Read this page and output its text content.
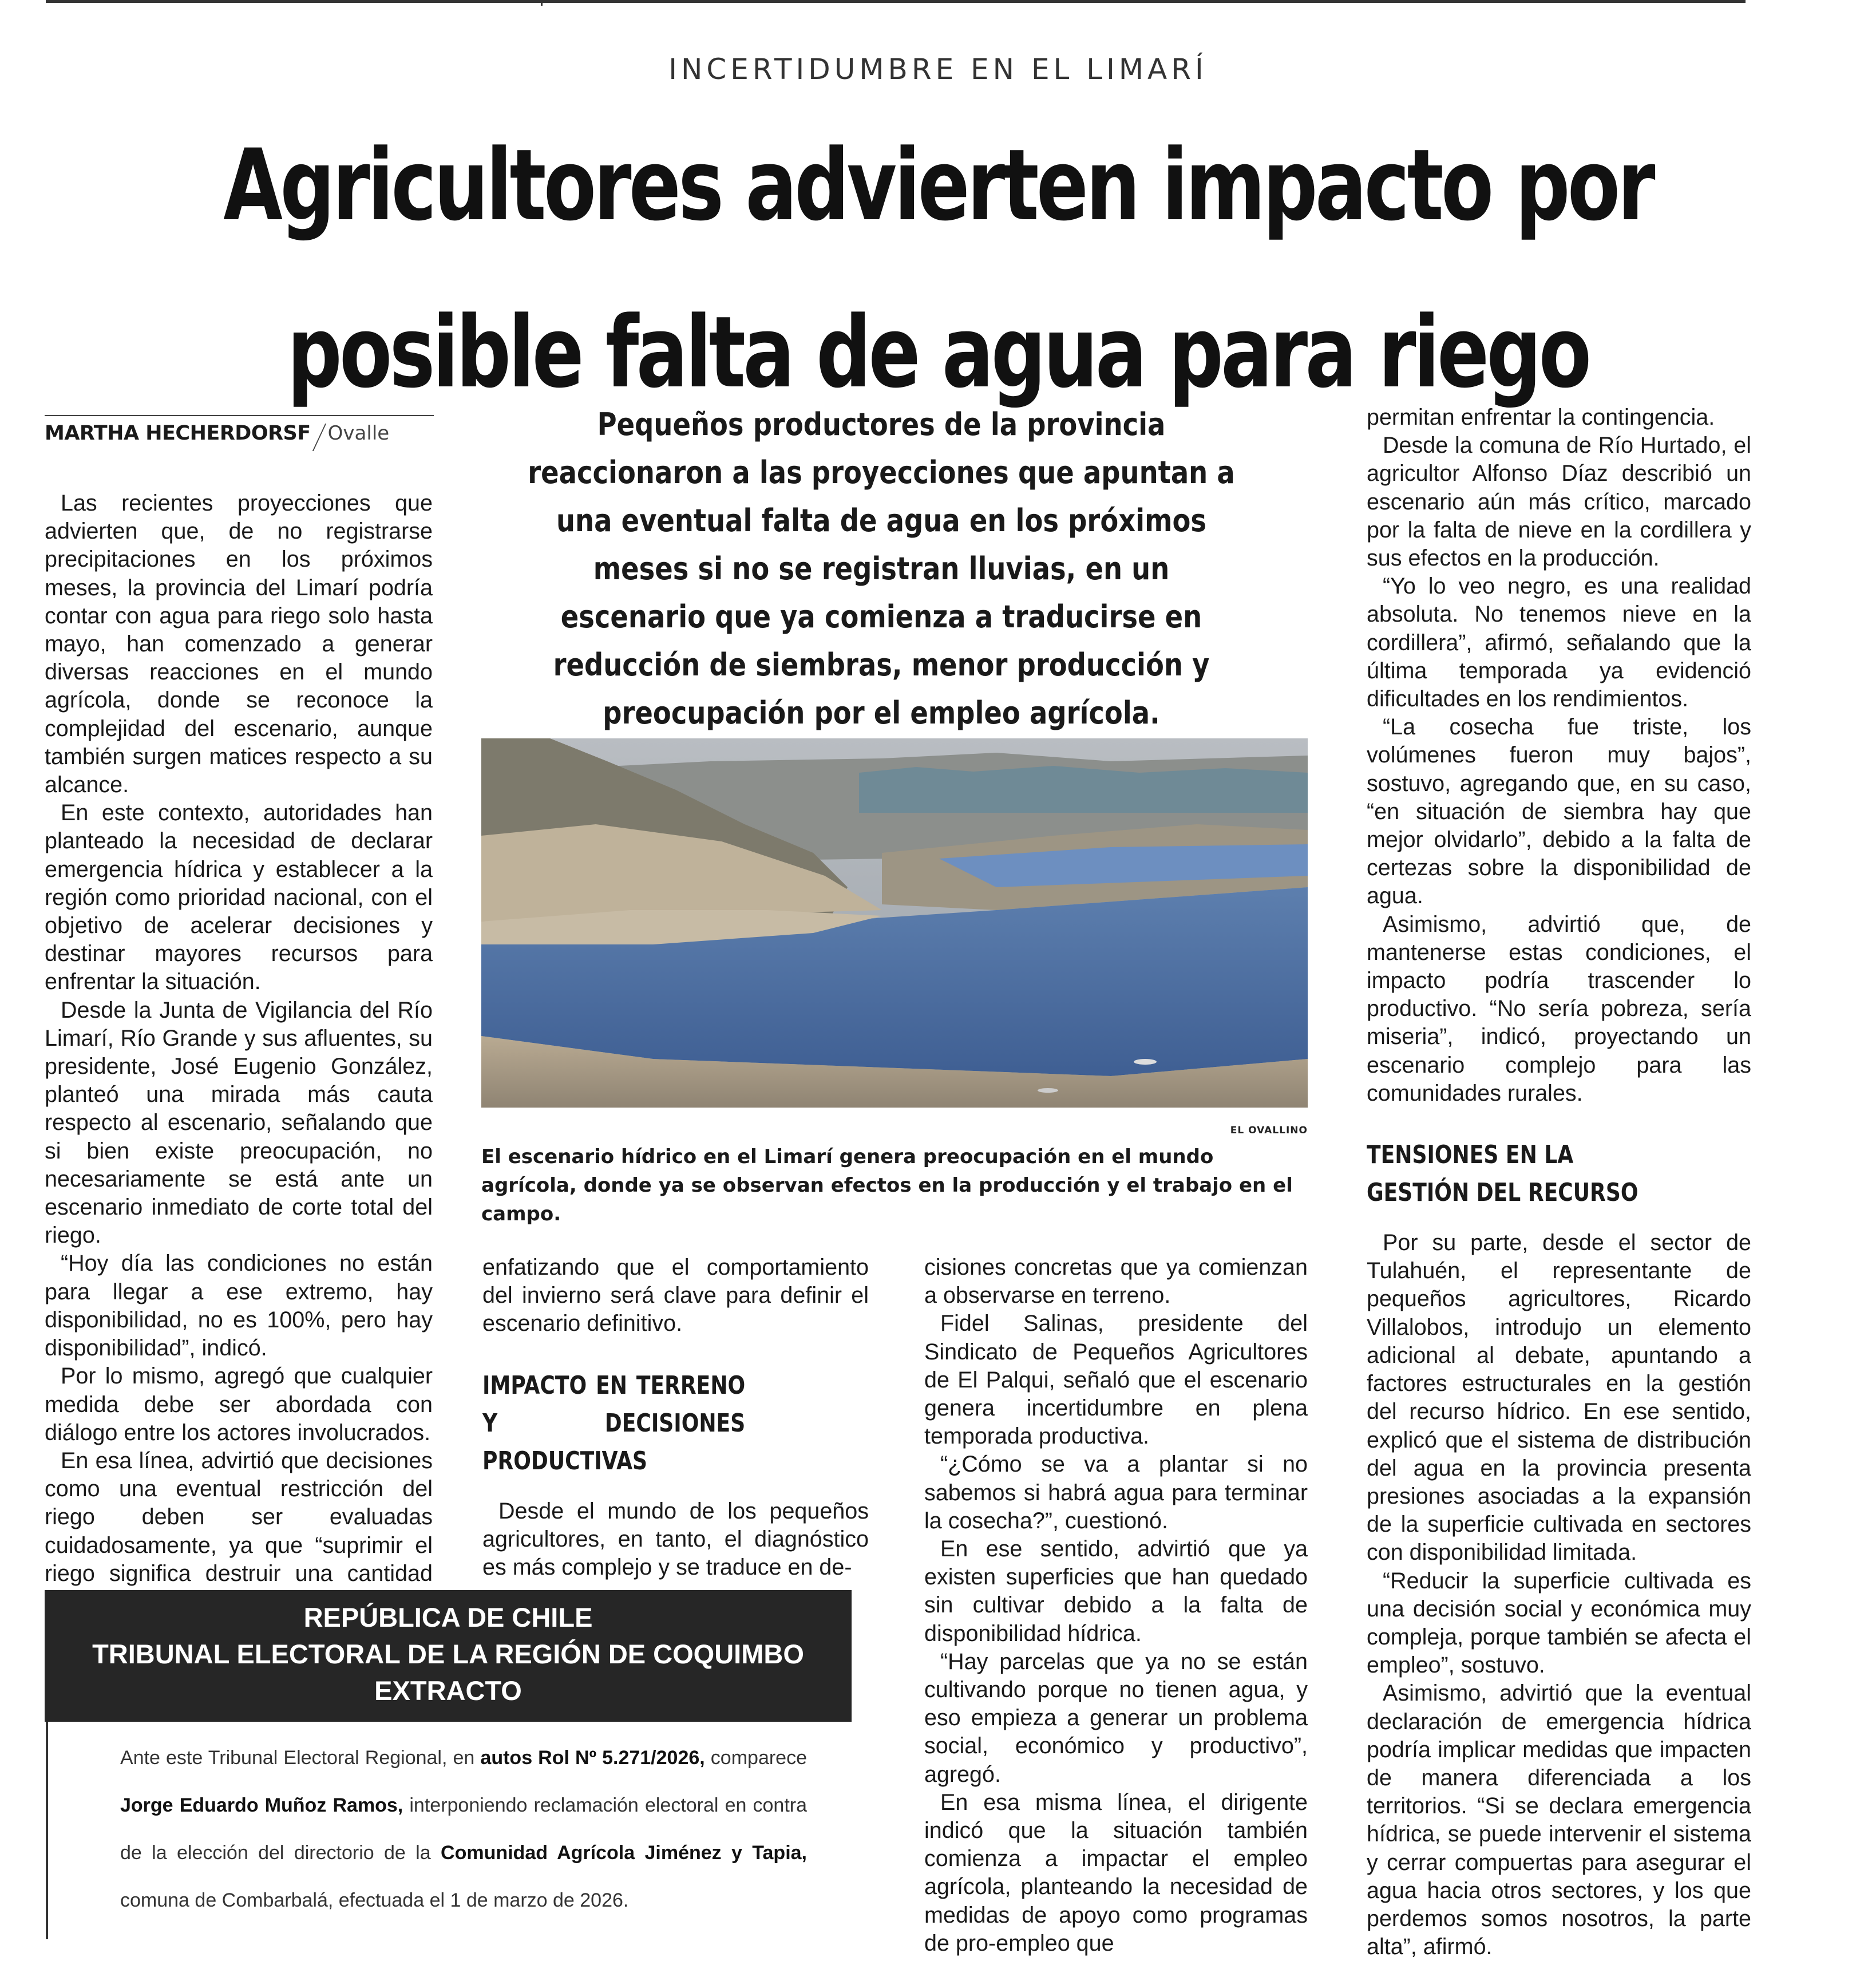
INCERTIDUMBRE EN EL LIMARÍ
Agricultores advierten impacto por
posible falta de agua para riego
MARTHA HECHERDORSF Ovalle

Las recientes proyecciones que advierten que, de no registrarse precipitaciones en los próximos meses, la provincia del Limarí podría contar con agua para riego solo hasta mayo, han comenzado a generar diversas reacciones en el mundo agrícola, donde se reconoce la complejidad del escenario, aunque también surgen matices respecto a su alcance.

En este contexto, autoridades han planteado la necesidad de declarar emergencia hídrica y establecer a la región como prioridad nacional, con el objetivo de acelerar decisiones y destinar mayores recursos para enfrentar la situación.

Desde la Junta de Vigilancia del Río Limarí, Río Grande y sus afluentes, su presidente, José Eugenio González, planteó una mirada más cauta respecto al escenario, señalando que si bien existe preocupación, no necesariamente se está ante un escenario inmediato de corte total del riego.

“Hoy día las condiciones no están para llegar a ese extremo, hay disponibilidad, no es 100%, pero hay disponibilidad”, indicó.

Por lo mismo, agregó que cualquier medida debe ser abordada con diálogo entre los actores involucrados.

En esa línea, advirtió que decisiones como una eventual restricción del riego deben ser evaluadas cuidadosamente, ya que “suprimir el riego significa destruir una cantidad

Pequeños productores de la provincia reaccionaron a las proyecciones que apuntan a una eventual falta de agua en los próximos meses si no se registran lluvias, en un escenario que ya comienza a traducirse en reducción de siembras, menor producción y preocupación por el empleo agrícola.
EL OVALLINO
El escenario hídrico en el Limarí genera preocupación en el mundo agrícola, donde ya se observan efectos en la producción y el trabajo en el campo.

enfatizando que el comportamiento del invierno será clave para definir el escenario definitivo.

IMPACTO EN TERRENO Y DECISIONES PRODUCTIVAS

Desde el mundo de los pequeños agricultores, en tanto, el diagnóstico es más complejo y se traduce en de-

cisiones concretas que ya comienzan a observarse en terreno.

Fidel Salinas, presidente del Sindicato de Pequeños Agricultores de El Palqui, señaló que el escenario genera incertidumbre en plena temporada productiva.

“¿Cómo se va a plantar si no sabemos si habrá agua para terminar la cosecha?”, cuestionó.

En ese sentido, advirtió que ya existen superficies que han quedado sin cultivar debido a la falta de disponibilidad hídrica.

“Hay parcelas que ya no se están cultivando porque no tienen agua, y eso empieza a generar un problema social, económico y productivo”, agregó.

En esa misma línea, el dirigente indicó que la situación también comienza a impactar el empleo agrícola, planteando la necesidad de medidas de apoyo como programas de pro-empleo que

permitan enfrentar la contingencia.

Desde la comuna de Río Hurtado, el agricultor Alfonso Díaz describió un escenario aún más crítico, marcado por la falta de nieve en la cordillera y sus efectos en la producción.

“Yo lo veo negro, es una realidad absoluta. No tenemos nieve en la cordillera”, afirmó, señalando que la última temporada ya evidenció dificultades en los rendimientos.

“La cosecha fue triste, los volúmenes fueron muy bajos”, sostuvo, agregando que, en su caso, “en situación de siembra hay que mejor olvidarlo”, debido a la falta de certezas sobre la disponibilidad de agua.

Asimismo, advirtió que, de mantenerse estas condiciones, el impacto podría trascender lo productivo. “No sería pobreza, sería miseria”, indicó, proyectando un escenario complejo para las comunidades rurales.

TENSIONES EN LA
GESTIÓN DEL RECURSO

Por su parte, desde el sector de Tulahuén, el representante de pequeños agricultores, Ricardo Villalobos, introdujo un elemento adicional al debate, apuntando a factores estructurales en la gestión del recurso hídrico. En ese sentido, explicó que el sistema de distribución del agua en la provincia presenta presiones asociadas a la expansión de la superficie cultivada en sectores con disponibilidad limitada.

“Reducir la superficie cultivada es una decisión social y económica muy compleja, porque también se afecta el empleo”, sostuvo.

Asimismo, advirtió que la eventual declaración de emergencia hídrica podría implicar medidas que impacten de manera diferenciada a los territorios. “Si se declara emergencia hídrica, se puede intervenir el sistema y cerrar compuertas para asegurar el agua hacia otros sectores, y los que perdemos somos nosotros, la parte alta”, afirmó.

REPÚBLICA DE CHILE
TRIBUNAL ELECTORAL DE LA REGIÓN DE COQUIMBO
EXTRACTO
Ante este Tribunal Electoral Regional, en autos Rol Nº 5.271/2026, comparece Jorge Eduardo Muñoz Ramos, interponiendo reclamación electoral en contra de la elección del directorio de la Comunidad Agrícola Jiménez y Tapia, comuna de Combarbalá, efectuada el 1 de marzo de 2026.
